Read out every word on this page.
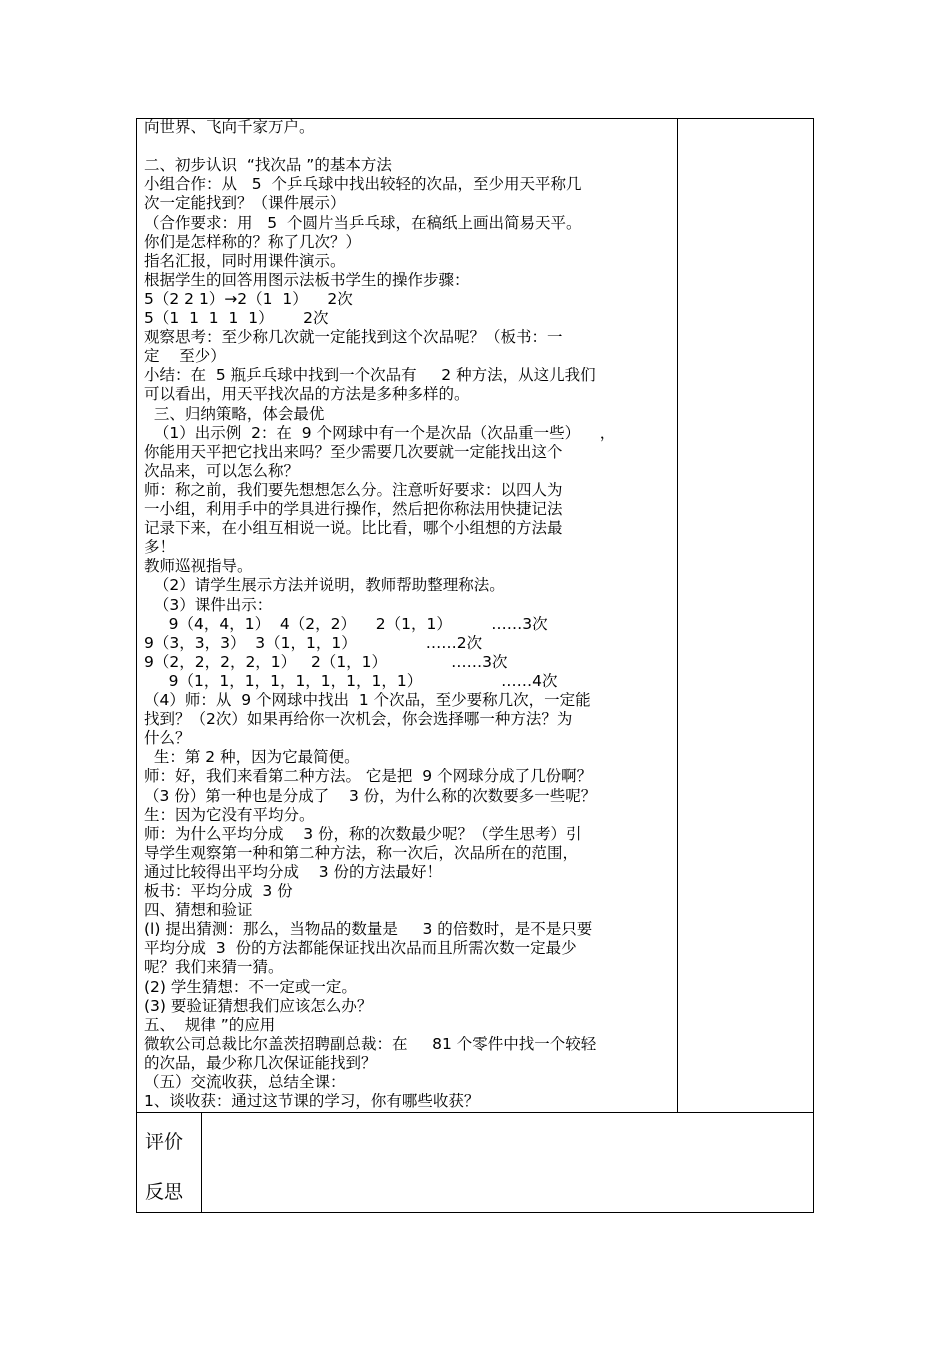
向世界、飞向千家万户。
二、初步认识  “找次品 ”的基本方法
小组合作：从   5  个乒乓球中找出较轻的次品，至少用天平称几
次一定能找到？（课件展示）
（合作要求：用   5  个圆片当乒乓球，在稿纸上画出简易天平。
你们是怎样称的？称了几次？）
指名汇报，同时用课件演示。
根据学生的回答用图示法板书学生的操作步骤：
5（2 2 1）→2（1  1）    2次
5（1  1  1  1  1）      2次
观察思考：至少称几次就一定能找到这个次品呢？（板书：一
定    至少）
小结：在  5 瓶乒乓球中找到一个次品有     2 种方法，从这儿我们
可以看出，用天平找次品的方法是多种多样的。
三、归纳策略，体会最优
（1）出示例  2：在  9 个网球中有一个是次品（次品重一些）    ，
你能用天平把它找出来吗？至少需要几次要就一定能找出这个
次品来，可以怎么称？
师：称之前，我们要先想想怎么分。注意听好要求：以四人为
一小组，利用手中的学具进行操作，然后把你称法用快捷记法
记录下来，在小组互相说一说。比比看，哪个小组想的方法最
多！
教师巡视指导。
（2）请学生展示方法并说明，教师帮助整理称法。
（3）课件出示：
9（4，4，1）  4（2，2）    2（1，1）        ……3次
9（3，3，3）  3（1，1，1）              ……2次
9（2，2，2，2，1）   2（1，1）             ……3次
9（1，1，1，1，1，1，1，1，1）                ……4次
（4）师：从  9 个网球中找出  1 个次品，至少要称几次，一定能
找到？（2次）如果再给你一次机会，你会选择哪一种方法？为
什么？
生：第 2 种，因为它最简便。
师：好，我们来看第二种方法。 它是把  9 个网球分成了几份啊？
（3 份）第一种也是分成了    3 份，为什么称的次数要多一些呢？
生：因为它没有平均分。
师：为什么平均分成    3 份，称的次数最少呢？（学生思考）引
导学生观察第一种和第二种方法，称一次后，次品所在的范围，
通过比较得出平均分成    3 份的方法最好！
板书：平均分成  3 份
四、猜想和验证
(l) 提出猜测：那么，当物品的数量是     3 的倍数时，是不是只要
平均分成  3  份的方法都能保证找出次品而且所需次数一定最少
呢？我们来猜一猜。
(2) 学生猜想：不一定或一定。
(3) 要验证猜想我们应该怎么办？
五、  规律 ”的应用
微软公司总裁比尔盖茨招聘副总裁：在     81 个零件中找一个较轻
的次品，最少称几次保证能找到？
（五）交流收获，总结全课：
1、谈收获：通过这节课的学习，你有哪些收获？
评价
反思
